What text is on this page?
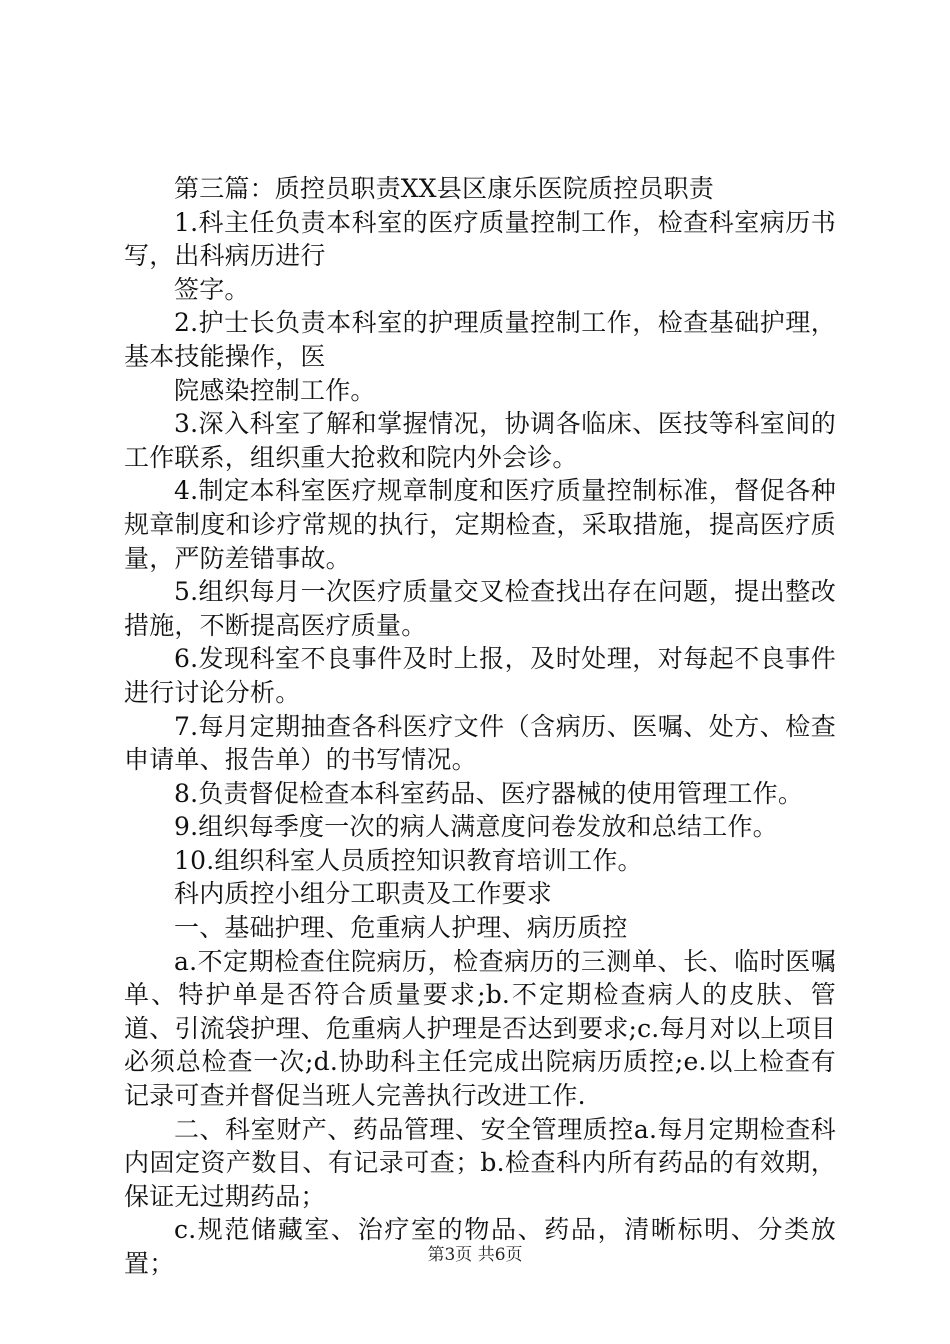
第三篇：质控员职责XX县区康乐医院质控员职责

1.科主任负责本科室的医疗质量控制工作，检查科室病历书写，出科病历进行

签字。

2.护士长负责本科室的护理质量控制工作，检查基础护理，基本技能操作，医

院感染控制工作。

3.深入科室了解和掌握情况，协调各临床、医技等科室间的工作联系，组织重大抢救和院内外会诊。

4.制定本科室医疗规章制度和医疗质量控制标准，督促各种规章制度和诊疗常规的执行，定期检查，采取措施，提高医疗质量，严防差错事故。

5.组织每月一次医疗质量交叉检查找出存在问题，提出整改措施，不断提高医疗质量。

6.发现科室不良事件及时上报，及时处理，对每起不良事件进行讨论分析。

7.每月定期抽查各科医疗文件（含病历、医嘱、处方、检查申请单、报告单）的书写情况。

8.负责督促检查本科室药品、医疗器械的使用管理工作。

9.组织每季度一次的病人满意度问卷发放和总结工作。

10.组织科室人员质控知识教育培训工作。

科内质控小组分工职责及工作要求

一、基础护理、危重病人护理、病历质控

a.不定期检查住院病历，检查病历的三测单、长、临时医嘱单、特护单是否符合质量要求;b.不定期检查病人的皮肤、管道、引流袋护理、危重病人护理是否达到要求;c.每月对以上项目必须总检查一次;d.协助科主任完成出院病历质控;e.以上检查有记录可查并督促当班人完善执行改进工作.

二、科室财产、药品管理、安全管理质控a.每月定期检查科内固定资产数目、有记录可查；b.检查科内所有药品的有效期，保证无过期药品；

c.规范储藏室、治疗室的物品、药品，清晰标明、分类放置；	第3页 共6页
